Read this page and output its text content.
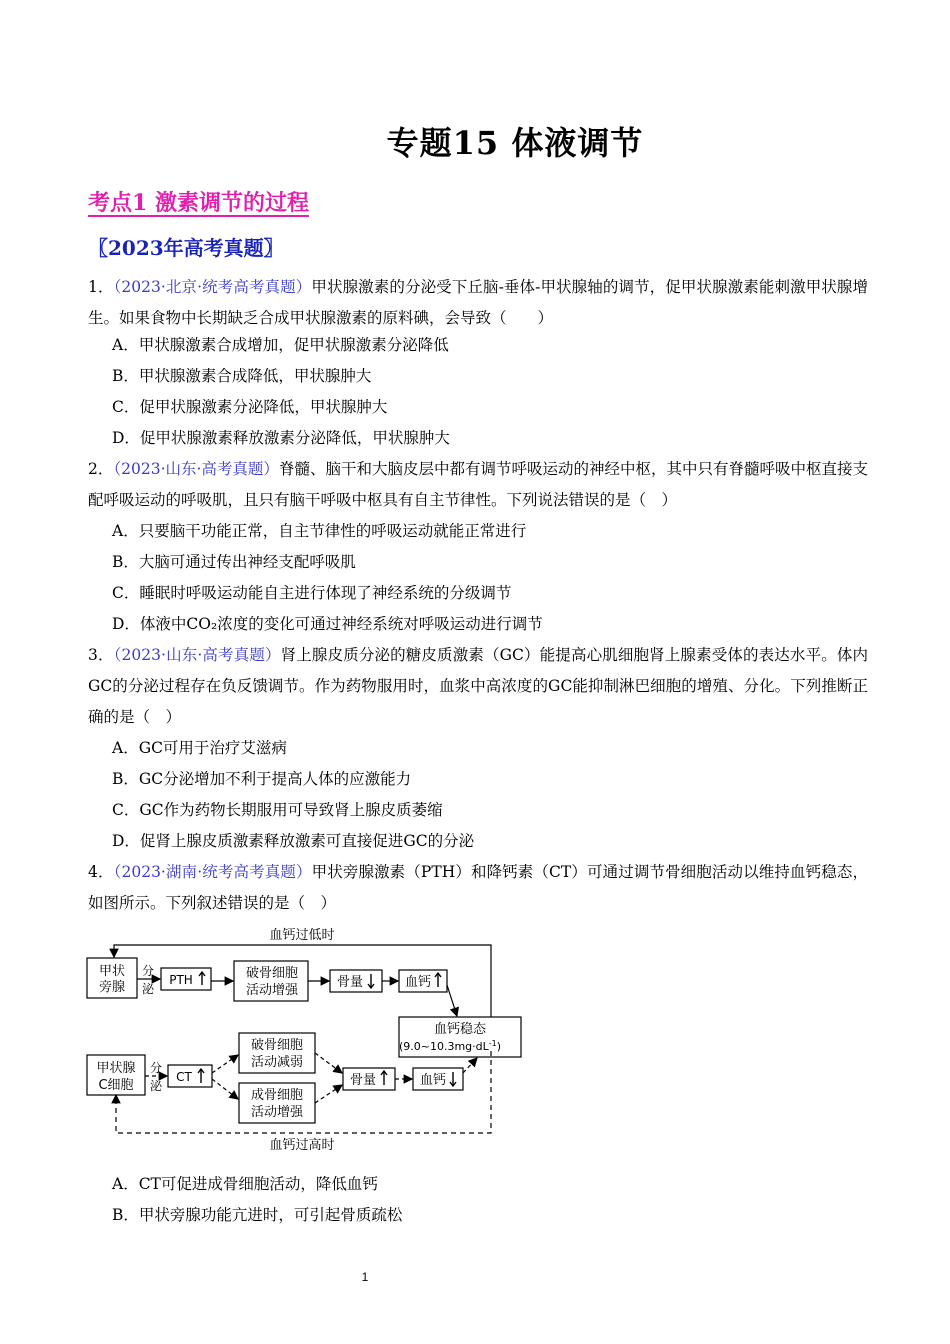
专题15 体液调节
考点1 激素调节的过程
〖2023年高考真题〗
1．（2023·北京·统考高考真题）甲状腺激素的分泌受下丘脑-垂体-甲状腺轴的调节，促甲状腺激素能刺激甲状腺增生。如果食物中长期缺乏合成甲状腺激素的原料碘，会导致（　　）
A．甲状腺激素合成增加，促甲状腺激素分泌降低
B．甲状腺激素合成降低，甲状腺肿大
C．促甲状腺激素分泌降低，甲状腺肿大
D．促甲状腺激素释放激素分泌降低，甲状腺肿大
2．（2023·山东·高考真题）脊髓、脑干和大脑皮层中都有调节呼吸运动的神经中枢，其中只有脊髓呼吸中枢直接支配呼吸运动的呼吸肌，且只有脑干呼吸中枢具有自主节律性。下列说法错误的是（　）
A．只要脑干功能正常，自主节律性的呼吸运动就能正常进行
B．大脑可通过传出神经支配呼吸肌
C．睡眠时呼吸运动能自主进行体现了神经系统的分级调节
D．体液中CO₂浓度的变化可通过神经系统对呼吸运动进行调节
3．（2023·山东·高考真题）肾上腺皮质分泌的糖皮质激素（GC）能提高心肌细胞肾上腺素受体的表达水平。体内GC的分泌过程存在负反馈调节。作为药物服用时，血浆中高浓度的GC能抑制淋巴细胞的增殖、分化。下列推断正确的是（　）
A．GC可用于治疗艾滋病
B．GC分泌增加不利于提高人体的应激能力
C．GC作为药物长期服用可导致肾上腺皮质萎缩
D．促肾上腺皮质激素释放激素可直接促进GC的分泌
4．（2023·湖南·统考高考真题）甲状旁腺激素（PTH）和降钙素（CT）可通过调节骨细胞活动以维持血钙稳态，如图所示。下列叙述错误的是（　）
血钙过低时
血钙过高时
甲状
旁腺
分
泌
PTH	破骨细胞
活动增强
骨量	血钙
血钙稳态
$(9.0\sim 10.3mg\cdot dL^{-1})$
甲状腺
C细胞
分
泌
CT
破骨细胞
活动减弱
成骨细胞
活动增强
骨量	血钙
A．CT可促进成骨细胞活动，降低血钙
B．甲状旁腺功能亢进时，可引起骨质疏松
1
